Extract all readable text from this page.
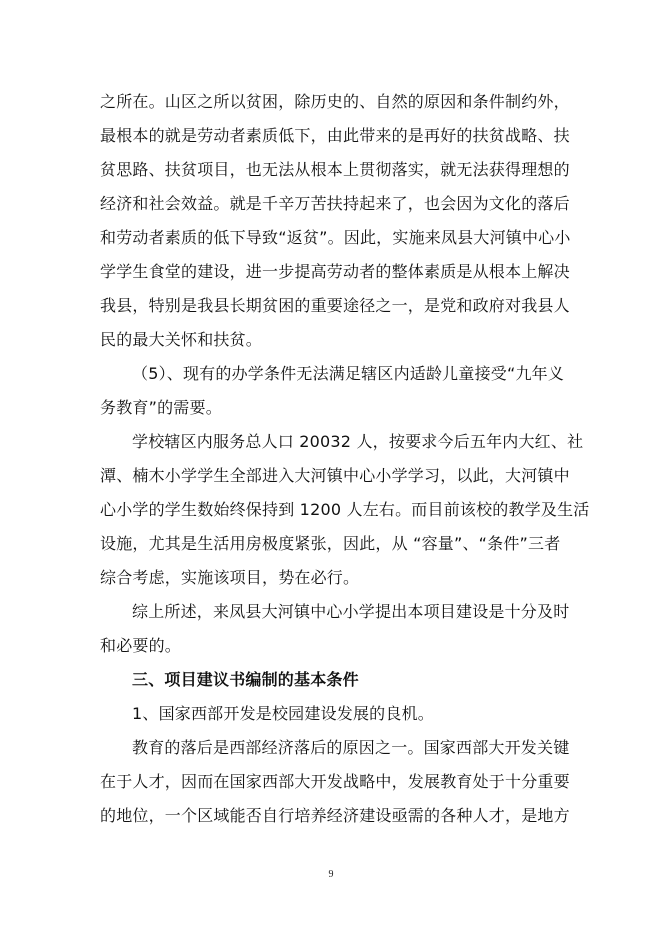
之所在。山区之所以贫困，除历史的、自然的原因和条件制约外，
最根本的就是劳动者素质低下，由此带来的是再好的扶贫战略、扶
贫思路、扶贫项目，也无法从根本上贯彻落实，就无法获得理想的
经济和社会效益。就是千辛万苦扶持起来了，也会因为文化的落后
和劳动者素质的低下导致“返贫”。因此，实施来凤县大河镇中心小
学学生食堂的建设，进一步提高劳动者的整体素质是从根本上解决
我县，特别是我县长期贫困的重要途径之一，是党和政府对我县人
民的最大关怀和扶贫。
（5）、现有的办学条件无法满足辖区内适龄儿童接受“九年义
务教育”的需要。
学校辖区内服务总人口 20032 人，按要求今后五年内大红、社
潭、楠木小学学生全部进入大河镇中心小学学习，以此，大河镇中
心小学的学生数始终保持到 1200 人左右。而目前该校的教学及生活
设施，尤其是生活用房极度紧张，因此，从 “容量”、“条件”三者
综合考虑，实施该项目，势在必行。
综上所述，来凤县大河镇中心小学提出本项目建设是十分及时
和必要的。
三、项目建议书编制的基本条件
1、国家西部开发是校园建设发展的良机。
教育的落后是西部经济落后的原因之一。国家西部大开发关键
在于人才，因而在国家西部大开发战略中，发展教育处于十分重要
的地位，一个区域能否自行培养经济建设亟需的各种人才，是地方
9
